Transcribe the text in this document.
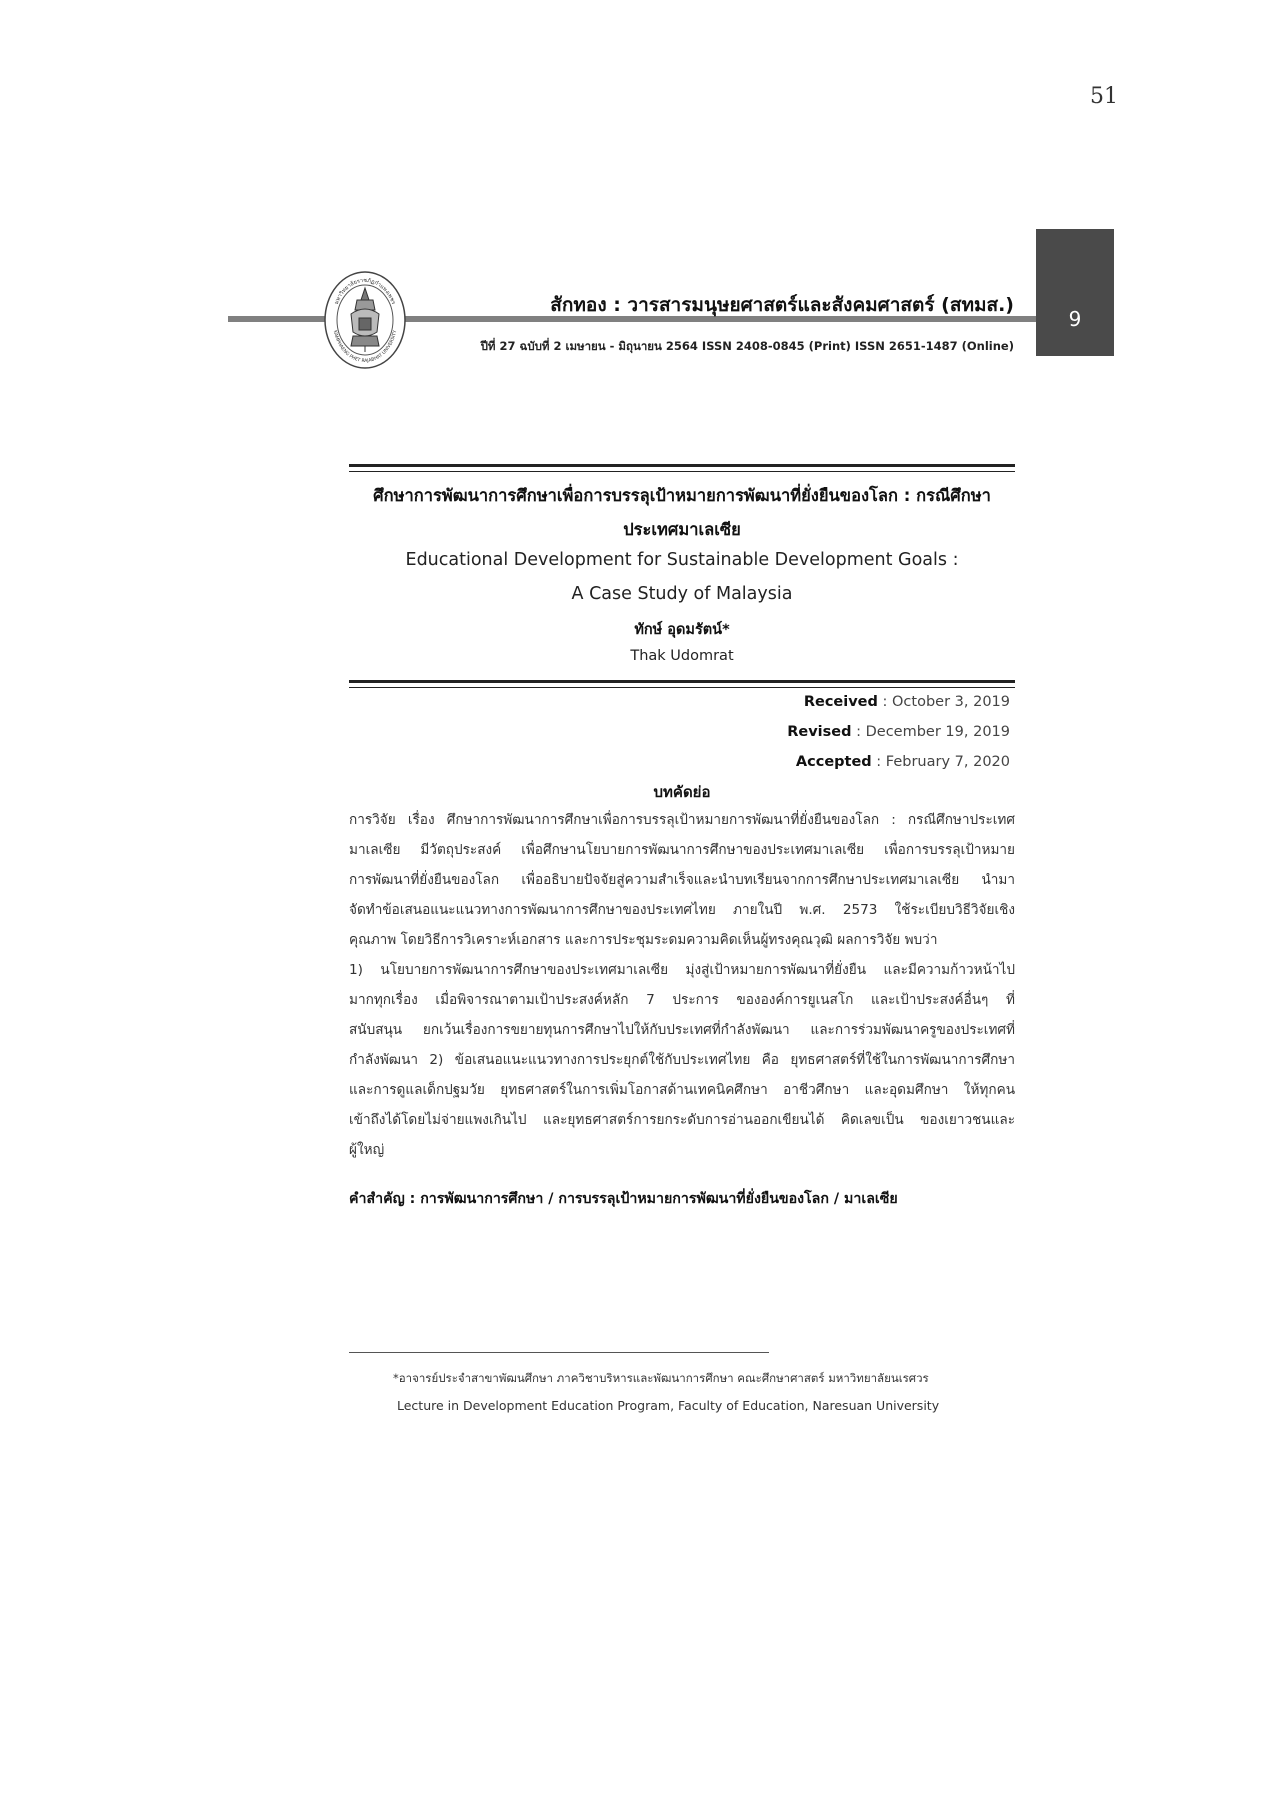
51
9
มหาวิทยาลัยราชภัฏกำแพงเพชร
KAMPHAENG PHET RAJABHAT UNIVERSITY
สักทอง : วารสารมนุษยศาสตร์และสังคมศาสตร์ (สทมส.)
ปีที่ 27 ฉบับที่ 2 เมษายน - มิถุนายน 2564 ISSN 2408-0845 (Print) ISSN 2651-1487 (Online)
ศึกษาการพัฒนาการศึกษาเพื่อการบรรลุเป้าหมายการพัฒนาที่ยั่งยืนของโลก : กรณีศึกษา
ประเทศมาเลเซีย
Educational Development for Sustainable Development Goals :
A Case Study of Malaysia
ทักษ์ อุดมรัตน์*
Thak Udomrat
Received : October 3, 2019
Revised : December 19, 2019
Accepted : February 7, 2020
บทคัดย่อ
การวิจัย เรื่อง ศึกษาการพัฒนาการศึกษาเพื่อการบรรลุเป้าหมายการพัฒนาที่ยั่งยืนของโลก : กรณีศึกษาประเทศ
มาเลเซีย มีวัตถุประสงค์ เพื่อศึกษานโยบายการพัฒนาการศึกษาของประเทศมาเลเซีย เพื่อการบรรลุเป้าหมาย
การพัฒนาที่ยั่งยืนของโลก เพื่ออธิบายปัจจัยสู่ความสำเร็จและนำบทเรียนจากการศึกษาประเทศมาเลเซีย นำมา
จัดทำข้อเสนอแนะแนวทางการพัฒนาการศึกษาของประเทศไทย ภายในปี พ.ศ. 2573 ใช้ระเบียบวิธีวิจัยเชิง
คุณภาพ โดยวิธีการวิเคราะห์เอกสาร และการประชุมระดมความคิดเห็นผู้ทรงคุณวุฒิ ผลการวิจัย พบว่า
1) นโยบายการพัฒนาการศึกษาของประเทศมาเลเซีย มุ่งสู่เป้าหมายการพัฒนาที่ยั่งยืน และมีความก้าวหน้าไป
มากทุกเรื่อง เมื่อพิจารณาตามเป้าประสงค์หลัก 7 ประการ ขององค์การยูเนสโก และเป้าประสงค์อื่นๆ ที่
สนับสนุน ยกเว้นเรื่องการขยายทุนการศึกษาไปให้กับประเทศที่กำลังพัฒนา และการร่วมพัฒนาครูของประเทศที่
กำลังพัฒนา 2) ข้อเสนอแนะแนวทางการประยุกต์ใช้กับประเทศไทย คือ ยุทธศาสตร์ที่ใช้ในการพัฒนาการศึกษา
และการดูแลเด็กปฐมวัย ยุทธศาสตร์ในการเพิ่มโอกาสด้านเทคนิคศึกษา อาชีวศึกษา และอุดมศึกษา ให้ทุกคน
เข้าถึงได้โดยไม่จ่ายแพงเกินไป และยุทธศาสตร์การยกระดับการอ่านออกเขียนได้ คิดเลขเป็น ของเยาวชนและ
ผู้ใหญ่
คำสำคัญ : การพัฒนาการศึกษา / การบรรลุเป้าหมายการพัฒนาที่ยั่งยืนของโลก / มาเลเซีย
*อาจารย์ประจำสาขาพัฒนศึกษา ภาควิชาบริหารและพัฒนาการศึกษา คณะศึกษาศาสตร์ มหาวิทยาลัยนเรศวร
Lecture in Development Education Program, Faculty of Education, Naresuan University
